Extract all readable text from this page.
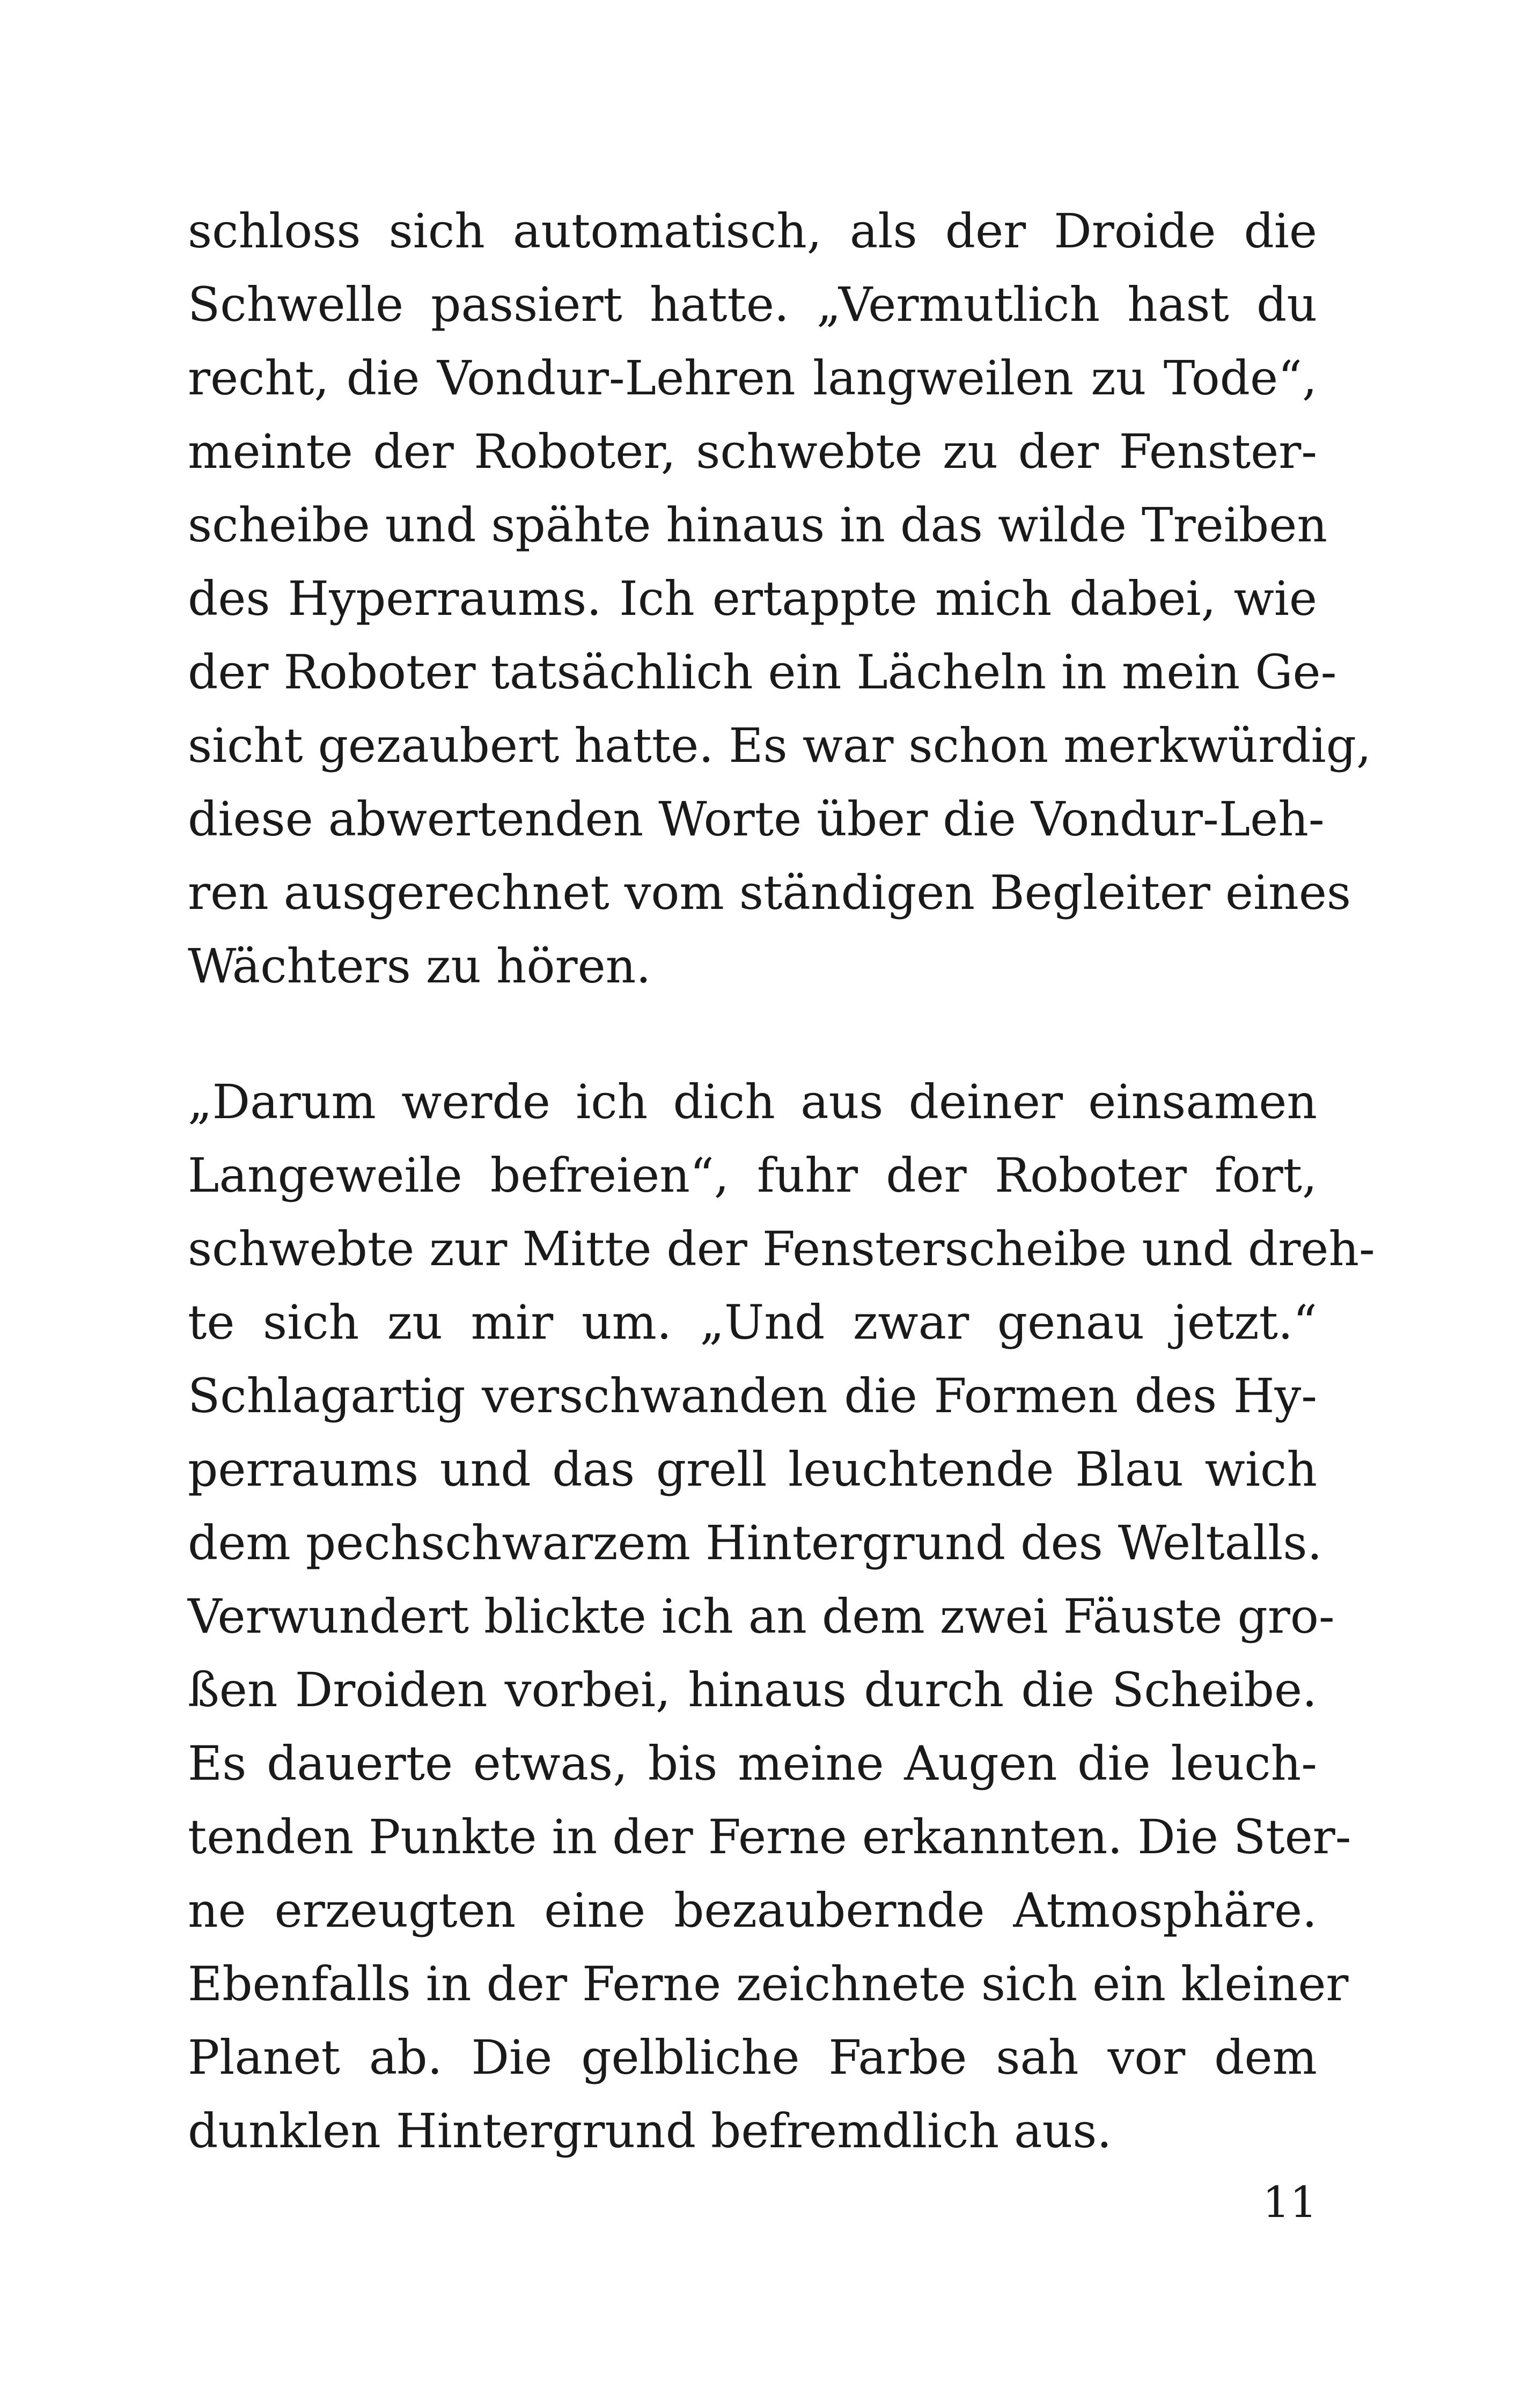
schloss sich automatisch, als der Droide die
Schwelle passiert hatte. „Vermutlich hast du
recht, die Vondur-Lehren langweilen zu Tode“,
meinte der Roboter, schwebte zu der Fenster-
scheibe und spähte hinaus in das wilde Treiben
des Hyperraums. Ich ertappte mich dabei, wie
der Roboter tatsächlich ein Lächeln in mein Ge-
sicht gezaubert hatte. Es war schon merkwürdig,
diese abwertenden Worte über die Vondur-Leh-
ren ausgerechnet vom ständigen Begleiter eines
Wächters zu hören.
„Darum werde ich dich aus deiner einsamen
Langeweile befreien“, fuhr der Roboter fort,
schwebte zur Mitte der Fensterscheibe und dreh-
te sich zu mir um. „Und zwar genau jetzt.“
Schlagartig verschwanden die Formen des Hy-
perraums und das grell leuchtende Blau wich
dem pechschwarzem Hintergrund des Weltalls.
Verwundert blickte ich an dem zwei Fäuste gro-
ßen Droiden vorbei, hinaus durch die Scheibe.
Es dauerte etwas, bis meine Augen die leuch-
tenden Punkte in der Ferne erkannten. Die Ster-
ne erzeugten eine bezaubernde Atmosphäre.
Ebenfalls in der Ferne zeichnete sich ein kleiner
Planet ab. Die gelbliche Farbe sah vor dem
dunklen Hintergrund befremdlich aus.
11
